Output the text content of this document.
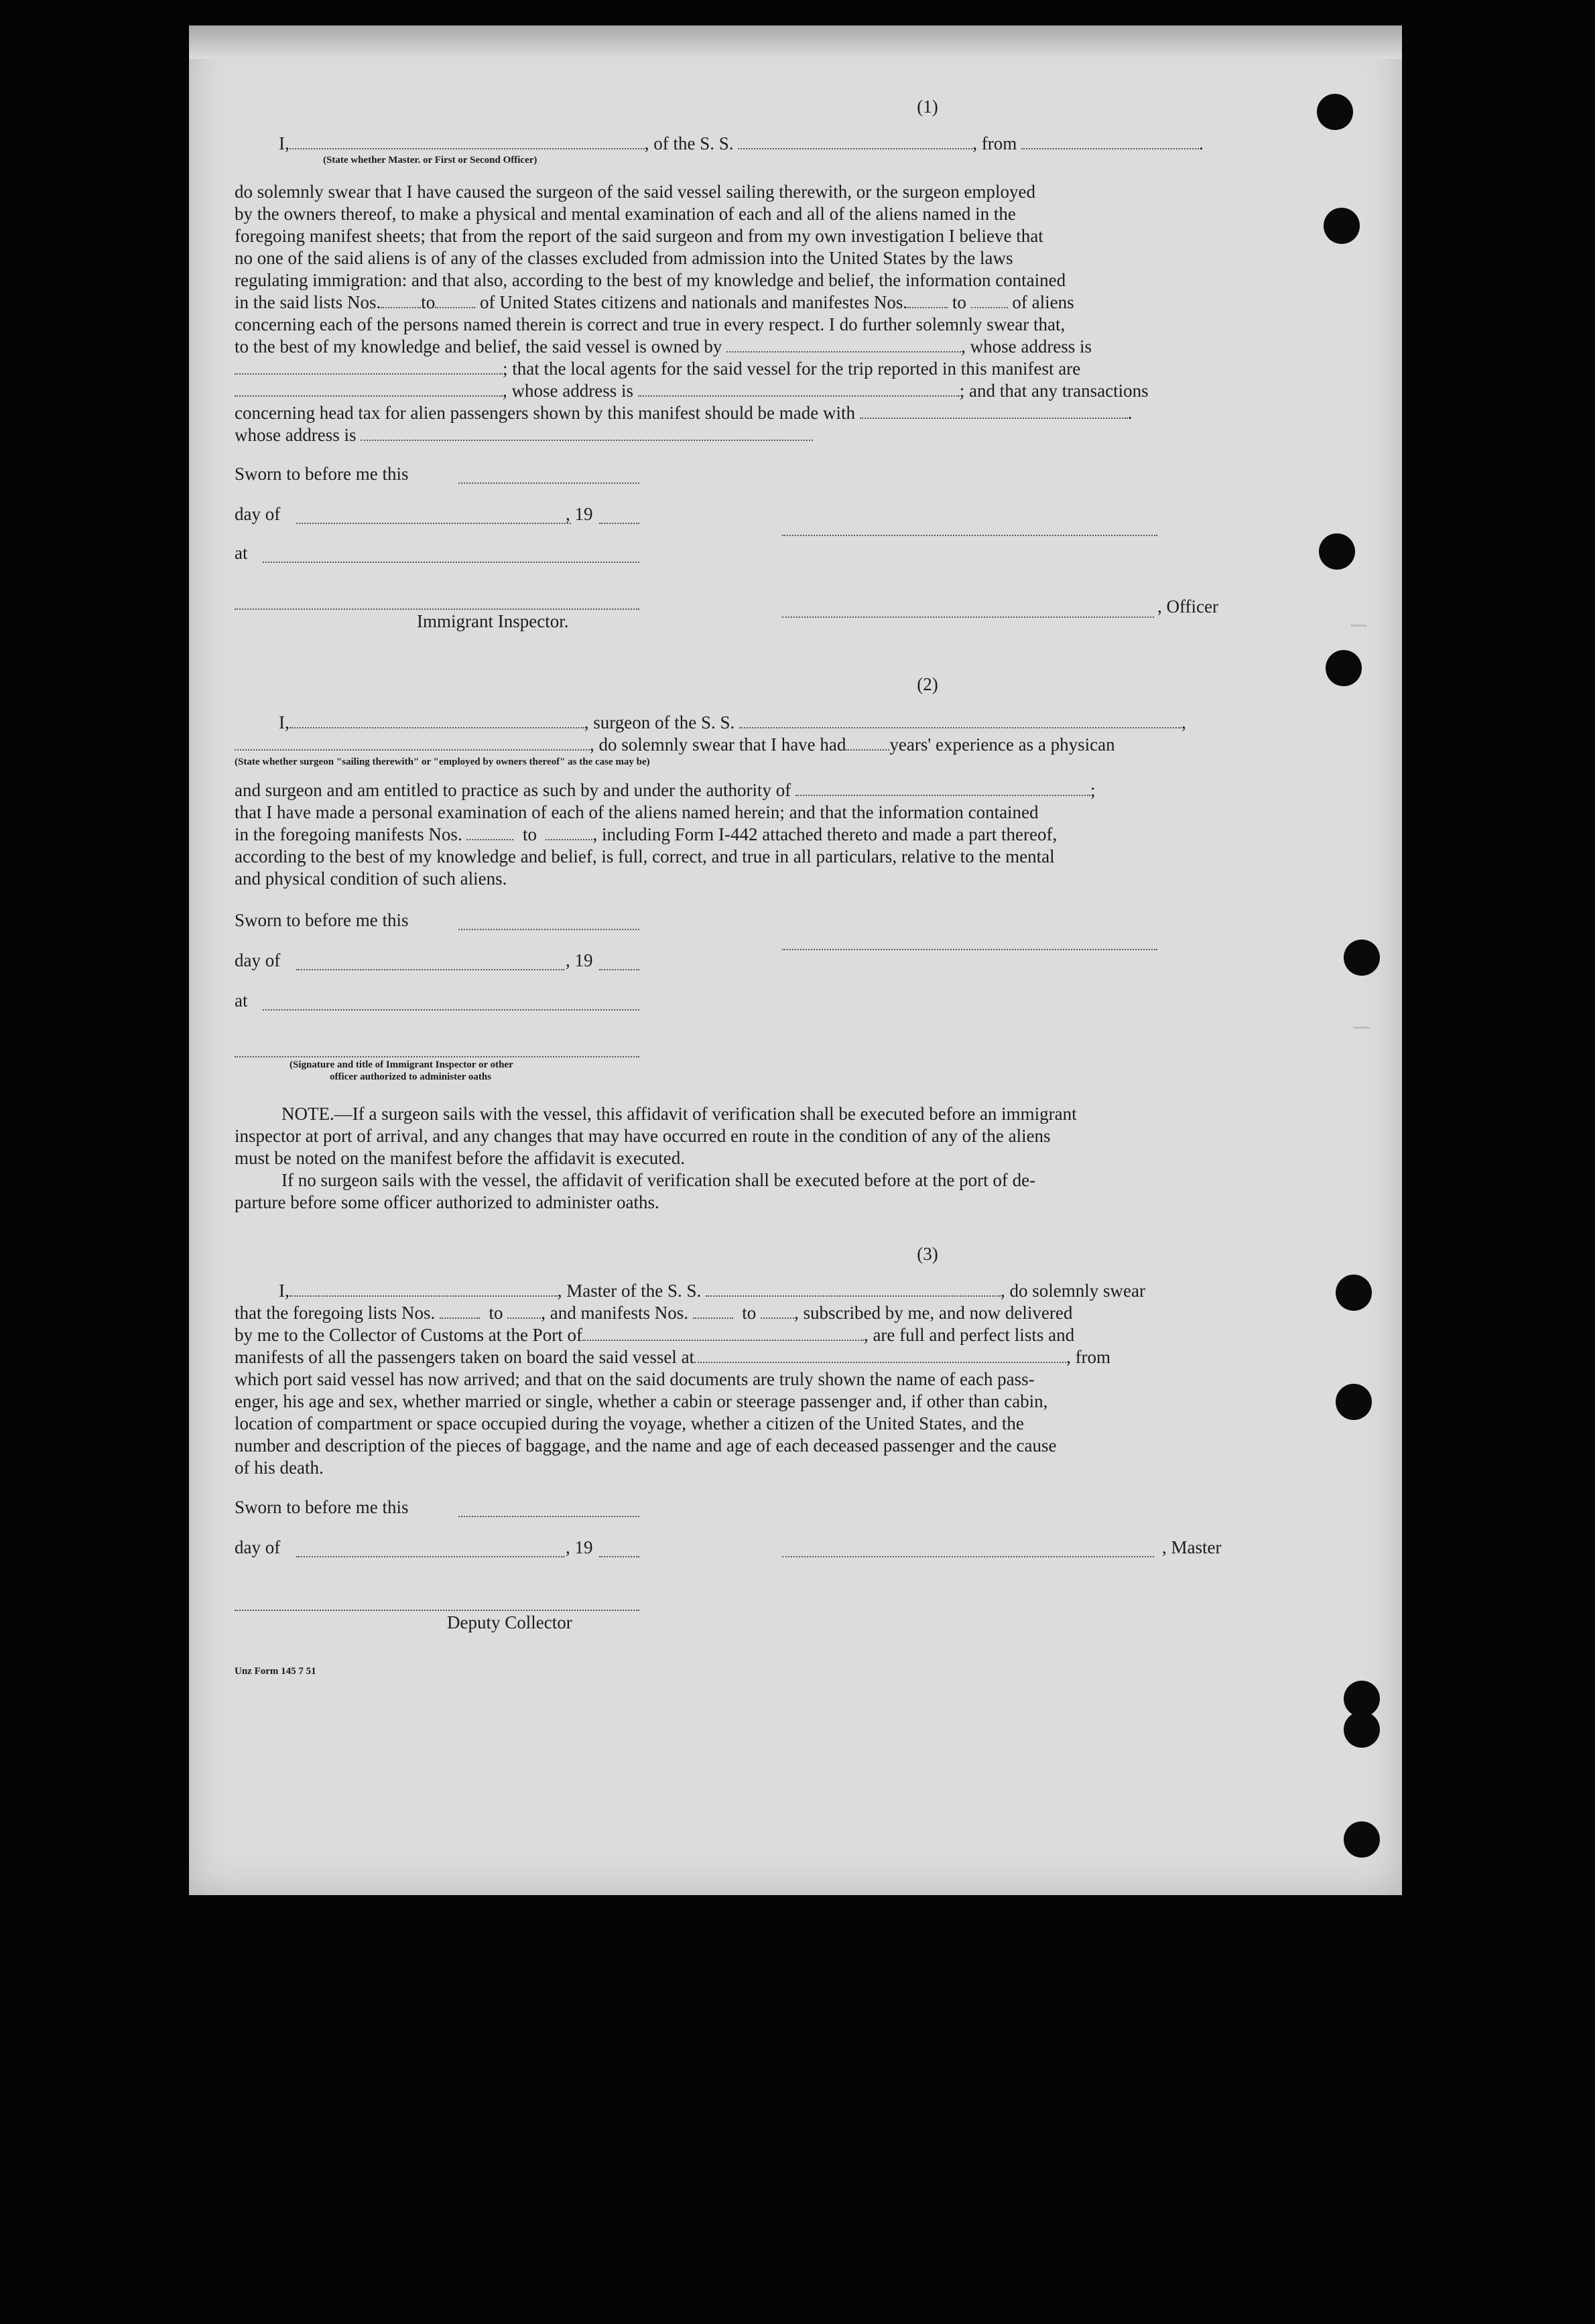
(1)
I,	, of the S. S.	, from	.
(State whether Master. or First or Second Officer)
do solemnly swear that I have caused the surgeon of the said vessel sailing therewith, or the surgeon employed
by the owners thereof, to make a physical and mental examination of each and all of the aliens named in the
foregoing manifest sheets; that from the report of the said surgeon and from my own investigation I believe that
no one of the said aliens is of any of the classes excluded from admission into the United States by the laws
regulating immigration: and that also, according to the best of my knowledge and belief, the information contained
in the said lists Nos. to of United States citizens and nationals and manifestes Nos. to	of aliens
concerning each of the persons named therein is correct and true in every respect. I do further solemnly swear that,
to the best of my knowledge and belief, the said vessel is owned by	, whose address is
; that the local agents for the said vessel for the trip reported in this manifest are
, whose address is	; and that any transactions
concerning head tax for alien passengers shown by this manifest should be made with	.
whose address is
Sworn to before me this
day of	, 19
at
Immigrant Inspector.
, Officer
(2)
I,	, surgeon of the S. S.	,
, do solemnly swear that I have had years' experience as a physican
(State whether surgeon "sailing therewith" or "employed by owners thereof" as the case may be)
and surgeon and am entitled to practice as such by and under the authority of	;
that I have made a personal examination of each of the aliens named herein; and that the information contained
in the foregoing manifests Nos.	to	, including Form I-442 attached thereto and made a part thereof,
according to the best of my knowledge and belief, is full, correct, and true in all particulars, relative to the mental
and physical condition of such aliens.
Sworn to before me this
day of	, 19
at
(Signature and title of Immigrant Inspector or other
officer authorized to administer oaths
NOTE.—If a surgeon sails with the vessel, this affidavit of verification shall be executed before an immigrant
inspector at port of arrival, and any changes that may have occurred en route in the condition of any of the aliens
must be noted on the manifest before the affidavit is executed.
If no surgeon sails with the vessel, the affidavit of verification shall be executed before at the port of de-
parture before some officer authorized to administer oaths.
(3)
I,	, Master of the S. S.	, do solemnly swear
that the foregoing lists Nos.	to , and manifests Nos.	to , subscribed by me, and now delivered
by me to the Collector of Customs at the Port of	, are full and perfect lists and
manifests of all the passengers taken on board the said vessel at	, from
which port said vessel has now arrived; and that on the said documents are truly shown the name of each pass-
enger, his age and sex, whether married or single, whether a cabin or steerage passenger and, if other than cabin,
location of compartment or space occupied during the voyage, whether a citizen of the United States, and the
number and description of the pieces of baggage, and the name and age of each deceased passenger and the cause
of his death.
Sworn to before me this
day of	, 19	, Master
Deputy Collector
Unz Form 145 7 51
